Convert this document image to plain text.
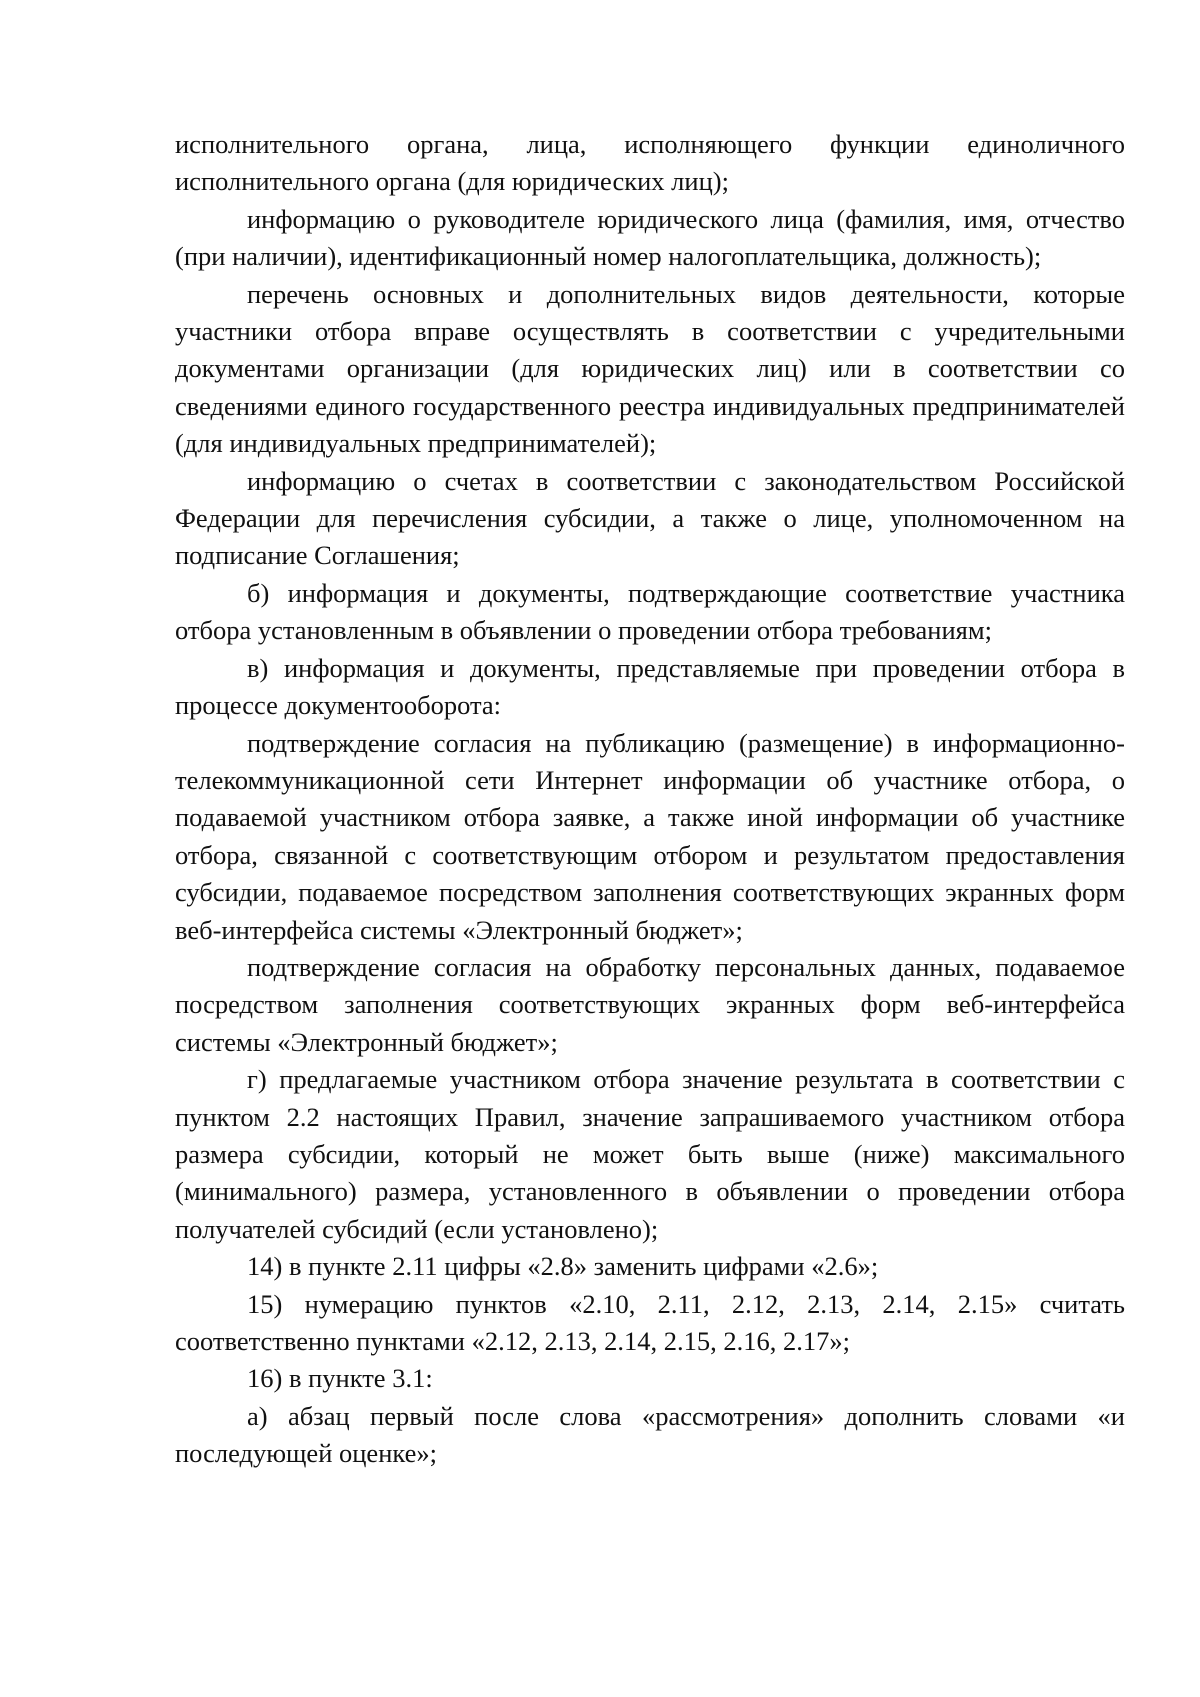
исполнительного органа, лица, исполняющего функции единоличного исполнительного органа (для юридических лиц);

информацию о руководителе юридического лица (фамилия, имя, отчество (при наличии), идентификационный номер налогоплательщика, должность);

перечень основных и дополнительных видов деятельности, которые участники отбора вправе осуществлять в соответствии с учредительными документами организации (для юридических лиц) или в соответствии со сведениями единого государственного реестра индивидуальных предпринимателей (для индивидуальных предпринимателей);

информацию о счетах в соответствии с законодательством Российской Федерации для перечисления субсидии, а также о лице, уполномоченном на подписание Соглашения;

б) информация и документы, подтверждающие соответствие участника отбора установленным в объявлении о проведении отбора требованиям;

в) информация и документы, представляемые при проведении отбора в процессе документооборота:

подтверждение согласия на публикацию (размещение) в информационно-телекоммуникационной сети Интернет информации об участнике отбора, о подаваемой участником отбора заявке, а также иной информации об участнике отбора, связанной с соответствующим отбором и результатом предоставления субсидии, подаваемое посредством заполнения соответствующих экранных форм веб-интерфейса системы «Электронный бюджет»;

подтверждение согласия на обработку персональных данных, подаваемое посредством заполнения соответствующих экранных форм веб-интерфейса системы «Электронный бюджет»;

г) предлагаемые участником отбора значение результата в соответствии с пунктом 2.2 настоящих Правил, значение запрашиваемого участником отбора размера субсидии, который не может быть выше (ниже) максимального (минимального) размера, установленного в объявлении о проведении отбора получателей субсидий (если установлено);

14) в пункте 2.11 цифры «2.8» заменить цифрами «2.6»;

15) нумерацию пунктов «2.10, 2.11, 2.12, 2.13, 2.14, 2.15» считать соответственно пунктами «2.12, 2.13, 2.14, 2.15, 2.16, 2.17»;

16) в пункте 3.1:

а) абзац первый после слова «рассмотрения» дополнить словами «и последующей оценке»;
